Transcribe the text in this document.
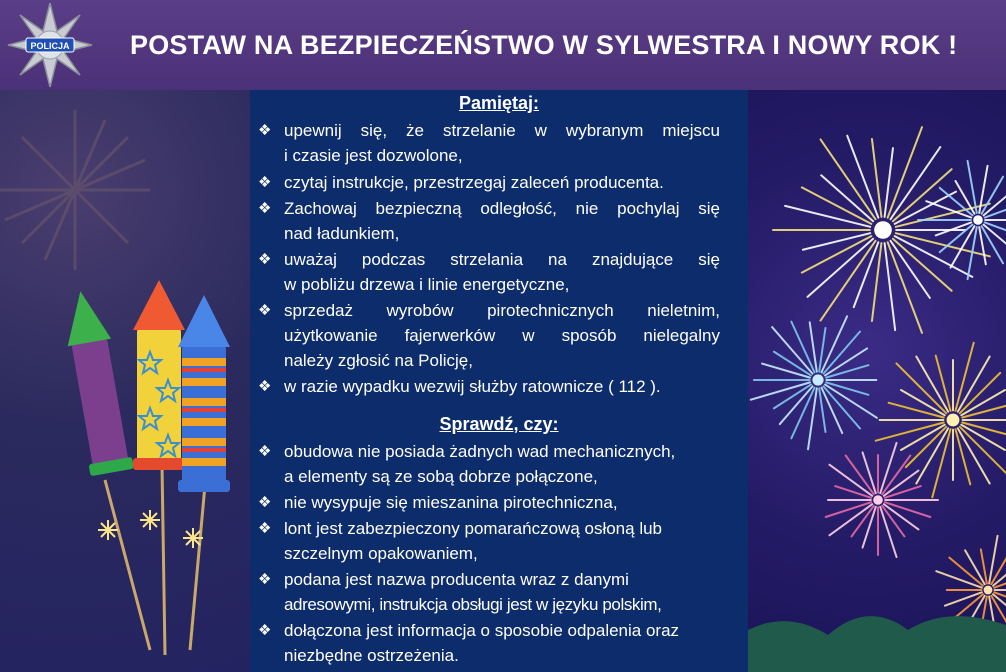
POLICJA POSTAW NA BEZPIECZEŃSTWO W SYLWESTRA I NOWY ROK !
Pamiętaj:
❖ upewnij się, że strzelanie w wybranym miejscu
i czasie jest dozwolone,
❖ czytaj instrukcje, przestrzegaj zaleceń producenta.
❖ Zachowaj bezpieczną odległość, nie pochylaj się
nad ładunkiem,
❖ uważaj podczas strzelania na znajdujące się
w pobliżu drzewa i linie energetyczne,
❖ sprzedaż wyrobów pirotechnicznych nieletnim,
użytkowanie fajerwerków w sposób nielegalny
należy zgłosić na Policję,
❖ w razie wypadku wezwij służby ratownicze ( 112 ).
Sprawdź, czy:
❖ obudowa nie posiada żadnych wad mechanicznych,
a elementy są ze sobą dobrze połączone,
❖ nie wysypuje się mieszanina pirotechniczna,
❖ lont jest zabezpieczony pomarańczową osłoną lub
szczelnym opakowaniem,
❖ podana jest nazwa producenta wraz z danymi
adresowymi, instrukcja obsługi jest w języku polskim,
❖ dołączona jest informacja o sposobie odpalenia oraz
niezbędne ostrzeżenia.
